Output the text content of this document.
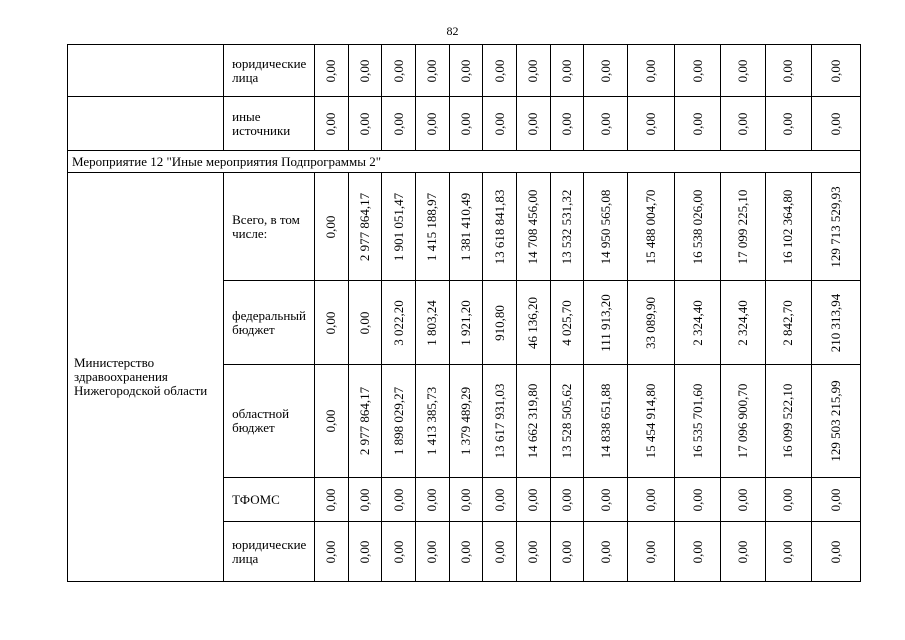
82
	юридические лица	0,00	0,00	0,00	0,00	0,00	0,00	0,00	0,00	0,00	0,00	0,00	0,00	0,00	0,00

	иные источники	0,00	0,00	0,00	0,00	0,00	0,00	0,00	0,00	0,00	0,00	0,00	0,00	0,00	0,00

Мероприятие 12 "Иные мероприятия Подпрограммы 2"															
Министерство здравоохранения Нижегородской области	Всего, в том числе:	0,00	2 977 864,17	1 901 051,47	1 415 188,97	1 381 410,49	13 618 841,83	14 708 456,00	13 532 531,32	14 950 565,08	15 488 004,70	16 538 026,00	17 099 225,10	16 102 364,80	129 713 529,93

	федеральный бюджет	0,00	0,00	3 022,20	1 803,24	1 921,20	910,80	46 136,20	4 025,70	111 913,20	33 089,90	2 324,40	2 324,40	2 842,70	210 313,94

	областной бюджет	0,00	2 977 864,17	1 898 029,27	1 413 385,73	1 379 489,29	13 617 931,03	14 662 319,80	13 528 505,62	14 838 651,88	15 454 914,80	16 535 701,60	17 096 900,70	16 099 522,10	129 503 215,99

	ТФОМС	0,00	0,00	0,00	0,00	0,00	0,00	0,00	0,00	0,00	0,00	0,00	0,00	0,00	0,00

	юридические лица	0,00	0,00	0,00	0,00	0,00	0,00	0,00	0,00	0,00	0,00	0,00	0,00	0,00	0,00
